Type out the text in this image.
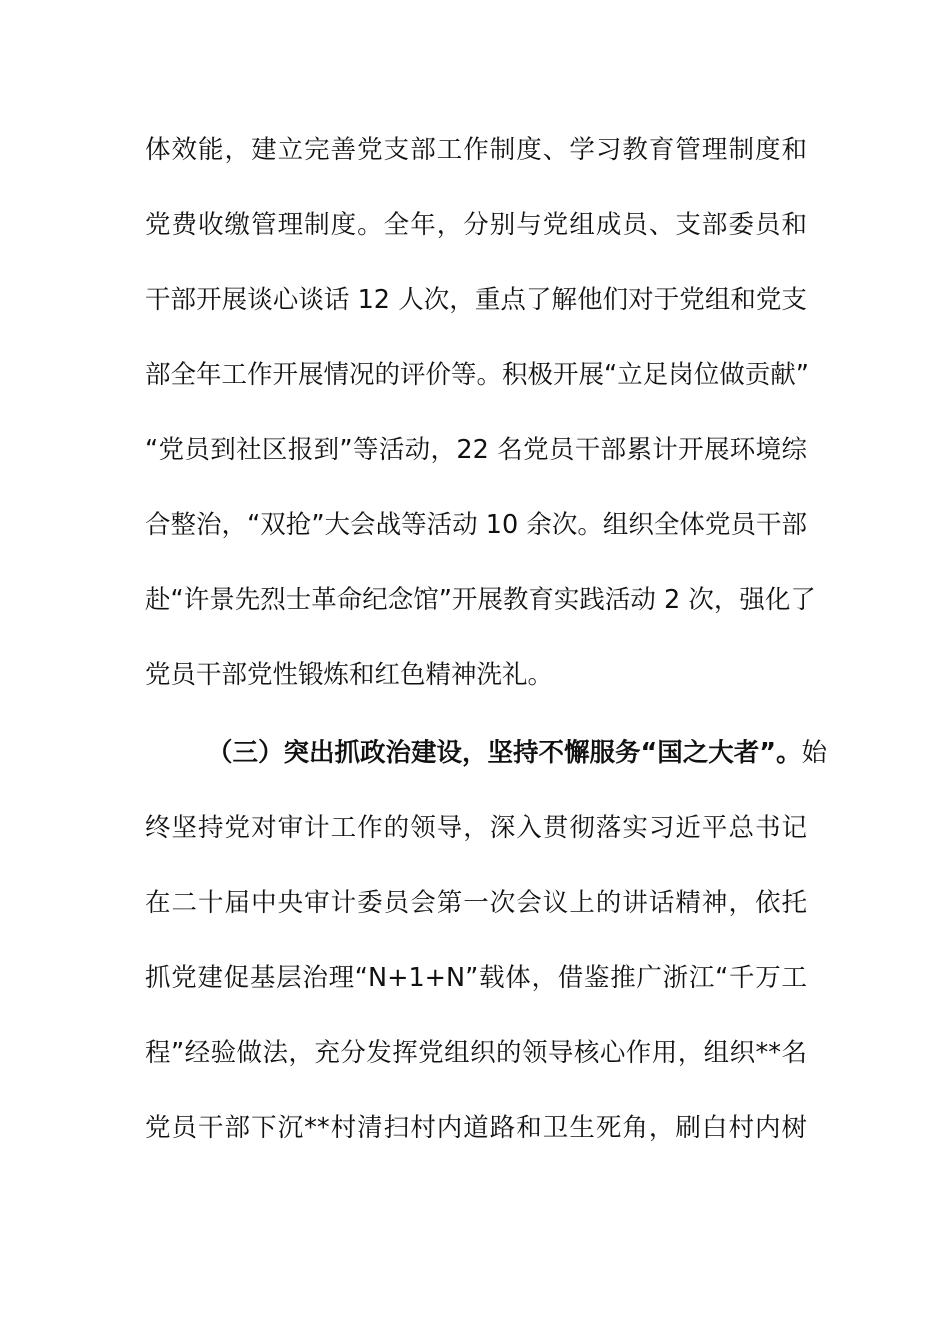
体效能，建立完善党支部工作制度、学习教育管理制度和
党费收缴管理制度。全年，分别与党组成员、支部委员和
干部开展谈心谈话 12 人次，重点了解他们对于党组和党支
部全年工作开展情况的评价等。积极开展“立足岗位做贡献”
“党员到社区报到”等活动，22 名党员干部累计开展环境综
合整治，“双抢”大会战等活动 10 余次。组织全体党员干部
赴“许景先烈士革命纪念馆”开展教育实践活动 2 次，强化了
党员干部党性锻炼和红色精神洗礼。
（三）突出抓政治建设，坚持不懈服务“国之大者”。始
终坚持党对审计工作的领导，深入贯彻落实习近平总书记
在二十届中央审计委员会第一次会议上的讲话精神，依托
抓党建促基层治理“N+1+N”载体，借鉴推广浙江“千万工
程”经验做法，充分发挥党组织的领导核心作用，组织**名
党员干部下沉**村清扫村内道路和卫生死角，刷白村内树
